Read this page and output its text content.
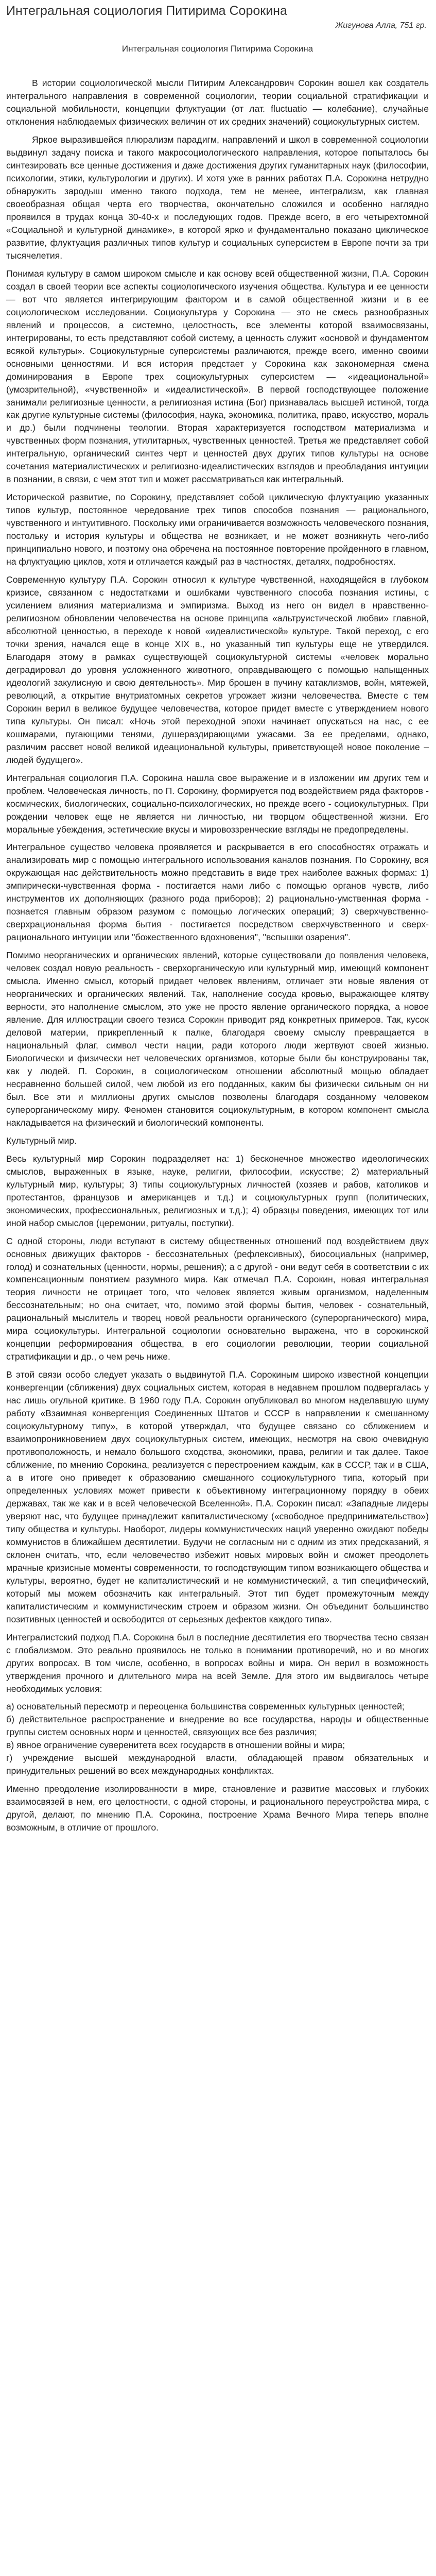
Интегральная социология Питирима Сорокина
Жигунова Алла, 751 гр.
Интегральная социология Питирима Сорокина

В истории социологической мысли Питирим Александрович Сорокин вошел как создатель интегрального направления в современной социологии, теории социальной стратификации и социальной мобильности, концепции флуктуации (от лат. fluctuatio — колебание), случайные отклонения наблюдаемых физических величин от их средних значений) социокультурных систем.

Яркое выразившейся плюрализм парадигм, направлений и школ в современной социологии выдвинул задачу поиска и такого макросоциологического направления, которое попыталось бы синтезировать все ценные достижения и даже достижения других гуманитарных наук (философии, психологии, этики, культурологии и других). И хотя уже в ранних работах П.А. Сорокина нетрудно обнаружить зародыш именно такого подхода, тем не менее, интегрализм, как главная своеобразная общая черта его творчества, окончательно сложился и особенно наглядно проявился в трудах конца 30-40-х и последующих годов. Прежде всего, в его четырехтомной «Социальной и культурной динамике», в которой ярко и фундаментально показано циклическое развитие, флуктуация различных типов культур и социальных суперсистем в Европе почти за три тысячелетия.

Понимая культуру в самом широком смысле и как основу всей общественной жизни, П.А. Сорокин создал в своей теории все аспекты социологического изучения общества. Культура и ее ценности — вот что является интегрирующим фактором и в самой общественной жизни и в ее социологическом исследовании. Социокультура у Сорокина — это не смесь разнообразных явлений и процессов, а системно, целостность, все элементы которой взаимосвязаны, интегрированы, то есть представляют собой систему, а ценность служит «основой и фундаментом всякой культуры». Социокультурные суперсистемы различаются, прежде всего, именно своими основными ценностями. И вся история предстает у Сорокина как закономерная смена доминирования в Европе трех социокультурных суперсистем — «идеациональной» (умозрительной), «чувственной» и «идеалистической». В первой господствующее положение занимали религиозные ценности, а религиозная истина (Бог) признавалась высшей истиной, тогда как другие культурные системы (философия, наука, экономика, политика, право, искусство, мораль и др.) были подчинены теологии. Вторая характеризуется господством материализма и чувственных форм познания, утилитарных, чувственных ценностей. Третья же представляет собой интегральную, органический синтез черт и ценностей двух других типов культуры на основе сочетания материалистических и религиозно-идеалистических взглядов и преобладания интуиции в познании, в связи, с чем этот тип и может рассматриваться как интегральный.

Исторической развитие, по Сорокину, представляет собой циклическую флуктуацию указанных типов культур, постоянное чередование трех типов способов познания — рационального, чувственного и интуитивного. Поскольку ими ограничивается возможность человеческого познания, постольку и история культуры и общества не возникает, и не может возникнуть чего-либо принципиально нового, и поэтому она обречена на постоянное повторение пройденного в главном, на флуктуацию циклов, хотя и отличается каждый раз в частностях, деталях, подробностях.

Современную культуру П.А. Сорокин относил к культуре чувственной, находящейся в глубоком кризисе, связанном с недостатками и ошибками чувственного способа познания истины, с усилением влияния материализма и эмпиризма. Выход из него он видел в нравственно-религиозном обновлении человечества на основе принципа «альтруистической любви» главной, абсолютной ценностью, в переходе к новой «идеалистической» культуре. Такой переход, с его точки зрения, начался еще в конце XIX в., но указанный тип культуры еще не утвердился. Благодаря этому в рамках существующей социокультурной системы «человек морально деградировал до уровня усложненного животного, оправдывающего с помощью напыщенных идеологий закулисную и свою деятельность». Мир брошен в пучину катаклизмов, войн, мятежей, революций, а открытие внутриатомных секретов угрожает жизни человечества. Вместе с тем Сорокин верил в великое будущее человечества, которое придет вместе с утверждением нового типа культуры. Он писал: «Ночь этой переходной эпохи начинает опускаться на нас, с ее кошмарами, пугающими тенями, душераздирающими ужасами. За ее пределами, однако, различим рассвет новой великой идеациональной культуры, приветствующей новое поколение – людей будущего».

Интегральная социология П.А. Сорокина нашла свое выражение и в изложении им других тем и проблем. Человеческая личность, по П. Сорокину, формируется под воздействием ряда факторов - космических, биологических, социально-психологических, но прежде всего - социокультурных. При рождении человек еще не является ни личностью, ни творцом общественной жизни. Его моральные убеждения, эстетические вкусы и мировоззренческие взгляды не предопределены.

Интегральное существо человека проявляется и раскрывается в его способностях отражать и анализировать мир с помощью интегрального использования каналов познания. По Сорокину, вся окружающая нас действительность можно представить в виде трех наиболее важных формах: 1) эмпирически-чувственная форма - постигается нами либо с помощью органов чувств, либо инструментов их дополняющих (разного рода приборов); 2) рационально-умственная форма - познается главным образом разумом с помощью логических операций; 3) сверхчувственно-сверхрациональная форма бытия - постигается посредством сверхчувственного и сверх-рационального интуиции или "божественного вдохновения", "вспышки озарения".

Помимо неорганических и органических явлений, которые существовали до появления человека, человек создал новую реальность - сверхорганическую или культурный мир, имеющий компонент смысла. Именно смысл, который придает человек явлениям, отличает эти новые явления от неорганических и органических явлений. Так, наполнение сосуда кровью, выражающее клятву верности, это наполнение смыслом, это уже не просто явление органического порядка, а новое явление. Для иллюстрации своего тезиса Сорокин приводит ряд конкретных примеров. Так, кусок деловой материи, прикрепленный к палке, благодаря своему смыслу превращается в национальный флаг, символ чести нации, ради которого люди жертвуют своей жизнью. Биологически и физически нет человеческих организмов, которые были бы конструированы так, как у людей. П. Сорокин, в социологическом отношении абсолютный мощью обладает несравненно большей силой, чем любой из его подданных, каким бы физически сильным он ни был. Все эти и миллионы других смыслов позволены благодаря созданному человеком суперорганическому миру. Феномен становится социокультурным, в котором компонент смысла накладывается на физический и биологический компоненты.

Культурный мир.

Весь культурный мир Сорокин подразделяет на: 1) бесконечное множество идеологических смыслов, выраженных в языке, науке, религии, философии, искусстве; 2) материальный культурный мир, культуры; 3) типы социокультурных личностей (хозяев и рабов, католиков и протестантов, французов и американцев и т.д.) и социокультурных групп (политических, экономических, профессиональных, религиозных и т.д.); 4) образцы поведения, имеющих тот или иной набор смыслов (церемонии, ритуалы, поступки).

С одной стороны, люди вступают в систему общественных отношений под воздействием двух основных движущих факторов - бессознательных (рефлексивных), биосоциальных (например, голод) и сознательных (ценности, нормы, решения); а с другой - они ведут себя в соответствии с их компенсационным понятием разумного мира. Как отмечал П.А. Сорокин, новая интегральная теория личности не отрицает того, что человек является живым организмом, наделенным бессознательным; но она считает, что, помимо этой формы бытия, человек - сознательный, рациональный мыслитель и творец новой реальности органического (суперорганического) мира, мира социокультуры. Интегральной социологии основательно выражена, что в сорокинской концепции реформирования общества, в его социологии революции, теории социальной стратификации и др., о чем речь ниже.

В этой связи особо следует указать о выдвинутой П.А. Сорокиным широко известной концепции конвергенции (сближения) двух социальных систем, которая в недавнем прошлом подвергалась у нас лишь огульной критике. В 1960 году П.А. Сорокин опубликовал во многом наделавшую шуму работу «Взаимная конвергенция Соединенных Штатов и СССР в направлении к смешанному социокультурному типу», в которой утверждал, что будущее связано со сближением и взаимопроникновением двух социокультурных систем, имеющих, несмотря на свою очевидную противоположность, и немало большого сходства, экономики, права, религии и так далее. Такое сближение, по мнению Сорокина, реализуется с перестроением каждым, как в СССР, так и в США, а в итоге оно приведет к образованию смешанного социокультурного типа, который при определенных условиях может привести к объективному интеграционному порядку в обеих державах, так же как и в всей человеческой Вселенной». П.А. Сорокин писал: «Западные лидеры уверяют нас, что будущее принадлежит капиталистическому («свободное предпринимательство») типу общества и культуры. Наоборот, лидеры коммунистических наций уверенно ожидают победы коммунистов в ближайшем десятилетии. Будучи не согласным ни с одним из этих предсказаний, я склонен считать, что, если человечество избежит новых мировых войн и сможет преодолеть мрачные кризисные моменты современности, то господствующим типом возникающего общества и культуры, вероятно, будет не капиталистический и не коммунистический, а тип специфический, который мы можем обозначить как интегральный. Этот тип будет промежуточным между капиталистическим и коммунистическим строем и образом жизни. Он объединит большинство позитивных ценностей и освободится от серьезных дефектов каждого типа».

Интегралистский подход П.А. Сорокина был в последние десятилетия его творчества тесно связан с глобализмом. Это реально проявилось не только в понимании противоречий, но и во многих других вопросах. В том числе, особенно, в вопросах войны и мира. Он верил в возможность утверждения прочного и длительного мира на всей Земле. Для этого им выдвигалось четыре необходимых условия:

а) основательный пересмотр и переоценка большинства современных культурных ценностей;
б) действительное распространение и внедрение во все государства, народы и общественные группы систем основных норм и ценностей, связующих все без различия;
в) явное ограничение суверенитета всех государств в отношении войны и мира;
г) учреждение высшей международной власти, обладающей правом обязательных и принудительных решений во всех международных конфликтах.

Именно преодоление изолированности в мире, становление и развитие массовых и глубоких взаимосвязей в нем, его целостности, с одной стороны, и рационального переустройства мира, с другой, делают, по мнению П.А. Сорокина, построение Храма Вечного Мира теперь вполне возможным, в отличие от прошлого.
